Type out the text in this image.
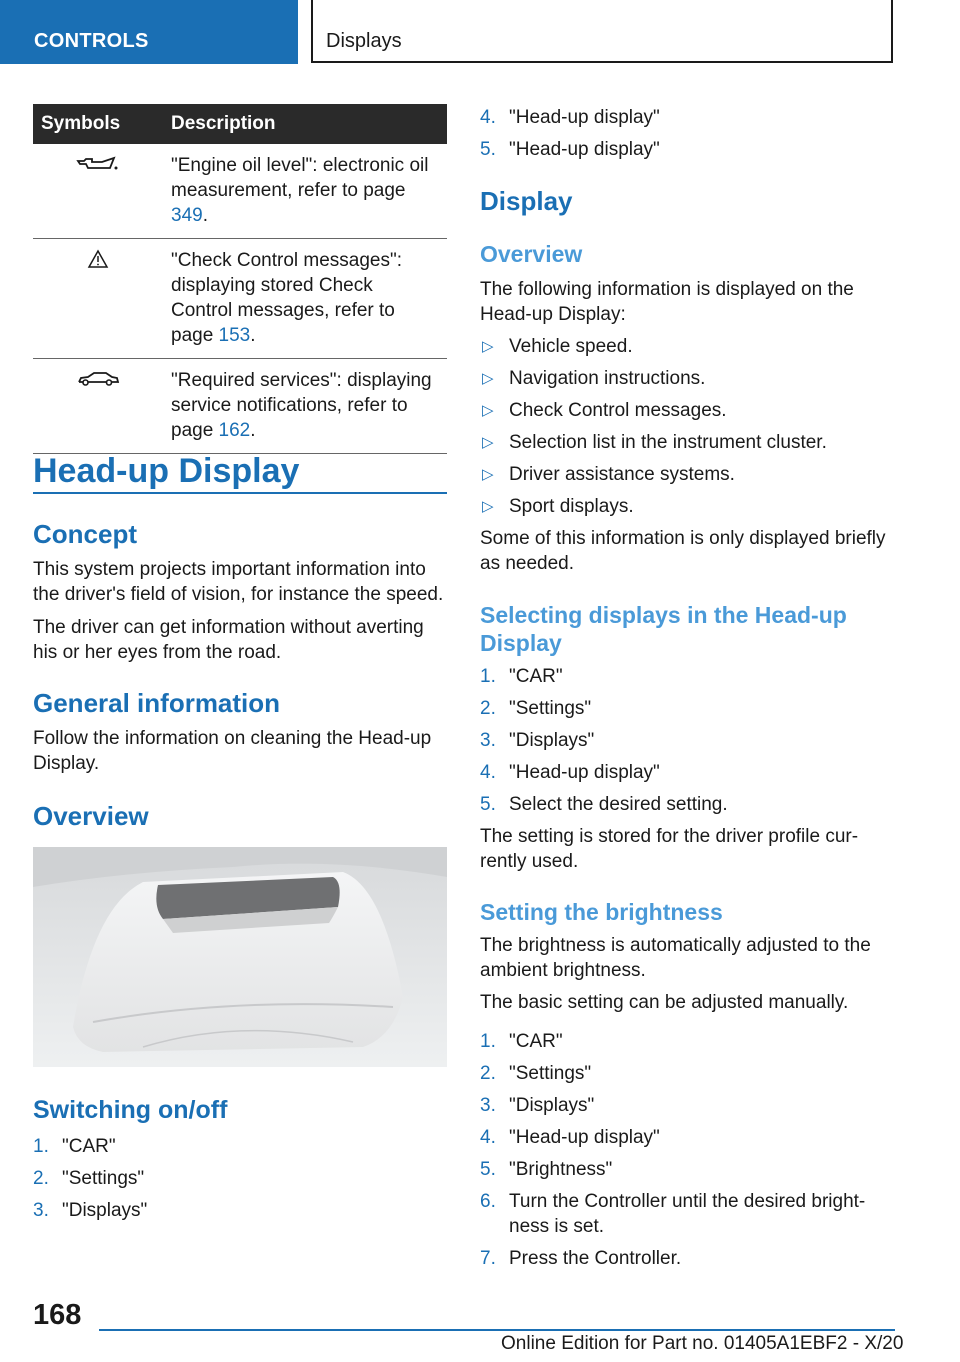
CONTROLS	Displays
Symbols	Description
	"Engine oil level": electronic oil measurement, refer to page 349.
	"Check Control messages": displaying stored Check Control messages, refer to page 153.
	"Required services": displaying service notifications, refer to page 162.
Head-up Display
Concept
This system projects important information into
the driver's field of vision, for instance the speed.
The driver can get information without averting
his or her eyes from the road.
General information
Follow the information on cleaning the Head-up
Display.
Overview
Switching on/off
1. "CAR"
2. "Settings"
3. "Displays"
4. "Head-up display"
5. "Head-up display"
Display
Overview
The following information is displayed on the
Head-up Display:
▷ Vehicle speed.
▷ Navigation instructions.
▷ Check Control messages.
▷ Selection list in the instrument cluster.
▷ Driver assistance systems.
▷ Sport displays.
Some of this information is only displayed briefly
as needed.
Selecting displays in the Head-up
Display
1. "CAR"
2. "Settings"
3. "Displays"
4. "Head-up display"
5. Select the desired setting.
The setting is stored for the driver profile cur-
rently used.
Setting the brightness
The brightness is automatically adjusted to the
ambient brightness.
The basic setting can be adjusted manually.
1. "CAR"
2. "Settings"
3. "Displays"
4. "Head-up display"
5. "Brightness"
6. Turn the Controller until the desired bright-
ness is set.
7. Press the Controller.
168
Online Edition for Part no. 01405A1EBF2 - X/20
